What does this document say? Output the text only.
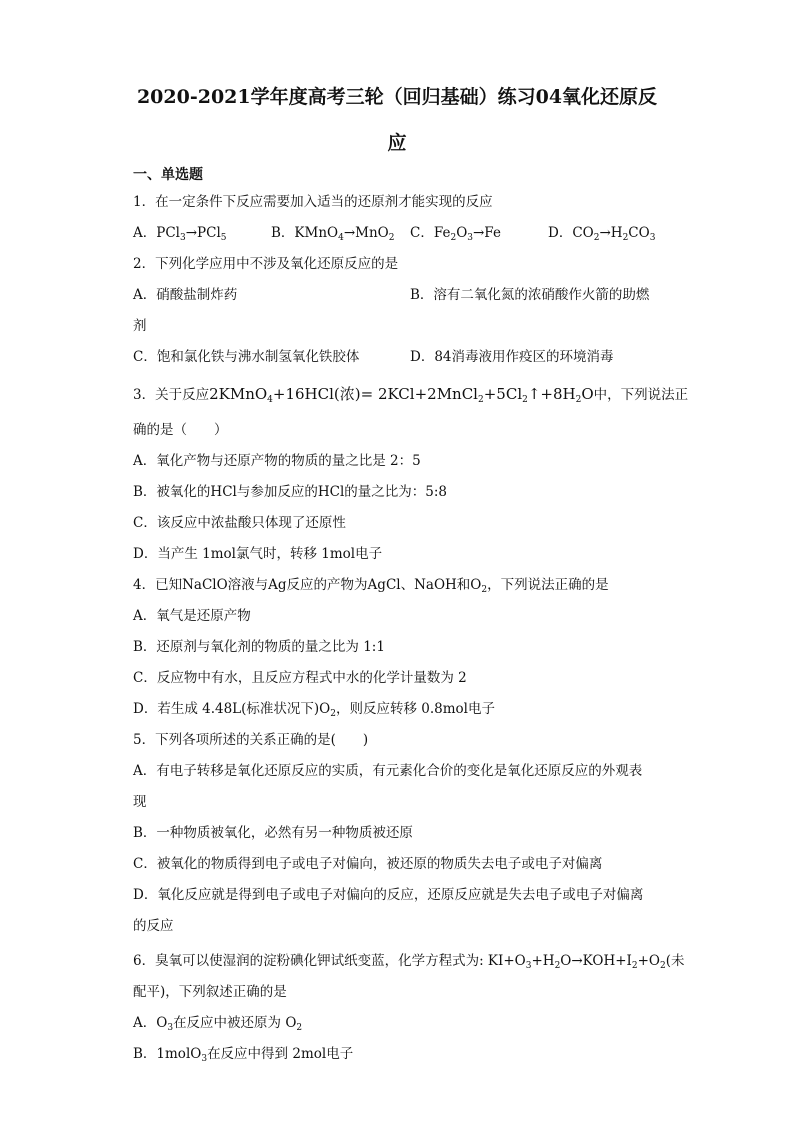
2020-2021学年度高考三轮（回归基础）练习04氧化还原反
应
一、单选题
1．在一定条件下反应需要加入适当的还原剂才能实现的反应
A．PCl$_3$→PCl$_5$	B．KMnO$_4$→MnO$_2$ C．$Fe_2O_3\to Fe$	D．$CO_2\to H_2CO_3$
2．下列化学应用中不涉及氧化还原反应的是
A．硝酸盐制炸药	B．溶有二氧化氮的浓硝酸作火箭的助燃
剂
C．饱和氯化铁与沸水制氢氧化铁胶体	D．84消毒液用作疫区的环境消毒
3．关于反应2KMnO$_4$+16HCl(浓)= $2KCl+2MnCl_2+5Cl_2↑+8H_2O$中，下列说法正
确的是（　　）
A．氧化产物与还原产物的物质的量之比是 2：5
B．被氧化的HCl与参加反应的HCl的量之比为：5:8
C．该反应中浓盐酸只体现了还原性
D．当产生 1mol氯气时，转移 1mol电子
4．已知NaClO溶液与Ag反应的产物为AgCl、NaOH和$O_2$，下列说法正确的是
A．氧气是还原产物
B．还原剂与氧化剂的物质的量之比为 1:1
C．反应物中有水，且反应方程式中水的化学计量数为 2
D．若生成 4.48L(标准状况下)$O_2$，则反应转移 0.8mol电子
5．下列各项所述的关系正确的是(　　)
A．有电子转移是氧化还原反应的实质，有元素化合价的变化是氧化还原反应的外观表
现
B．一种物质被氧化，必然有另一种物质被还原
C．被氧化的物质得到电子或电子对偏向，被还原的物质失去电子或电子对偏离
D．氧化反应就是得到电子或电子对偏向的反应，还原反应就是失去电子或电子对偏离
的反应
6．臭氧可以使湿润的淀粉碘化钾试纸变蓝，化学方程式为: $KI+O_3+H_2O\to KOH+I_2+O_2$(未
配平)，下列叙述正确的是
A．$O_3$在反应中被还原为 $O_2$
B．1molO$_3$在反应中得到 2mol电子
